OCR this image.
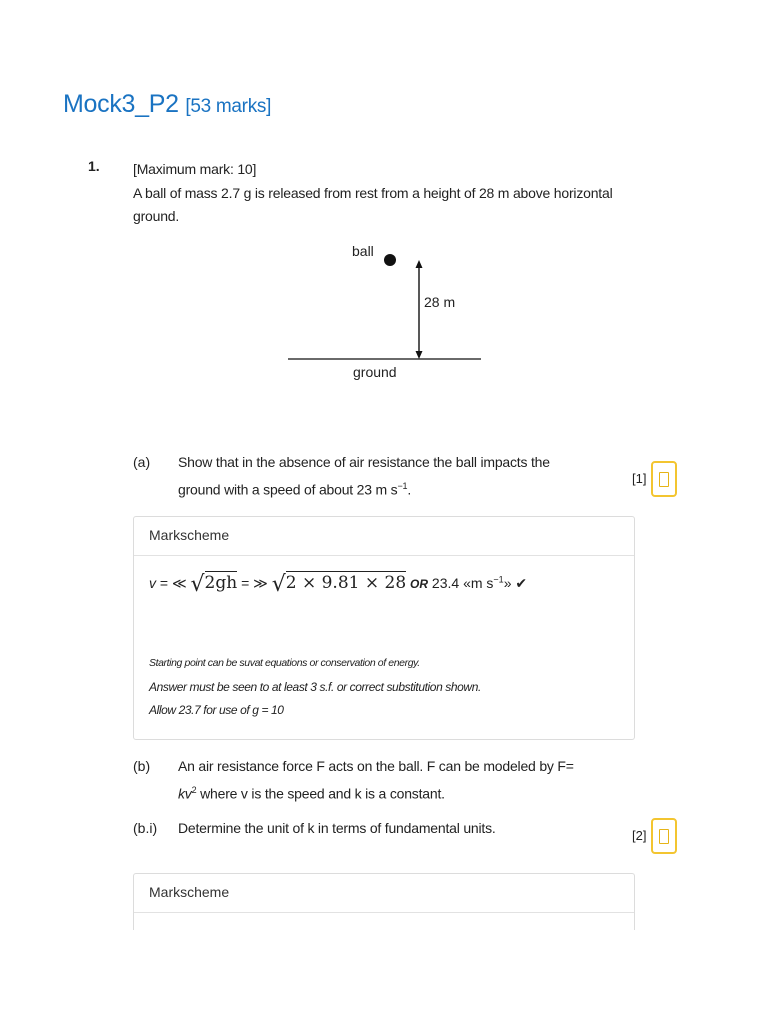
Mock3_P2 [53 marks]
1. [Maximum mark: 10]
A ball of mass 2.7 g is released from rest from a height of 28 m above horizontal ground.
ball
28 m
ground
(a) Show that in the absence of air resistance the ball impacts the
ground with a speed of about 23 m $s^{-1}$.
[1]
Markscheme
v = ≪ √2gh = ≫ √2 × 9.81 × 28 OR 23.4 «m $s^{-1}$» ✔
Starting point can be suvat equations or conservation of energy.
Answer must be seen to at least 3 s.f. or correct substitution shown.
Allow 23.7 for use of g = 10
(b) An air resistance force F acts on the ball. F can be modeled by F=
$kv^2$ where v is the speed and k is a constant.
(b.i) Determine the unit of k in terms of fundamental units.	[2]
Markscheme
